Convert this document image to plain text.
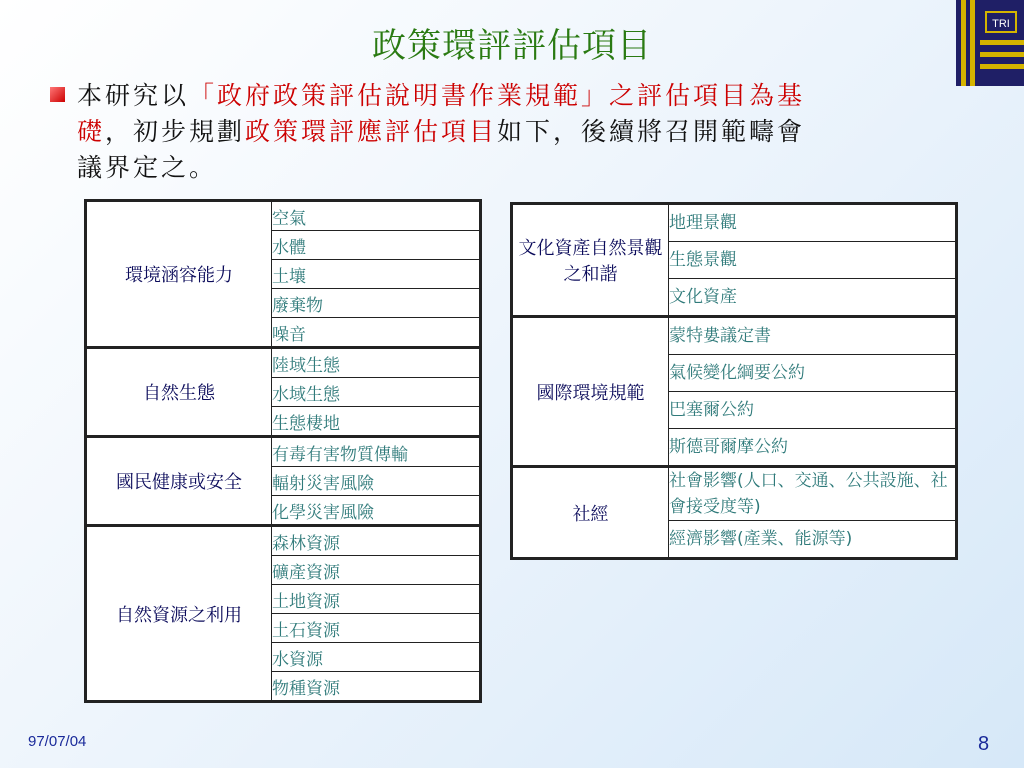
政策環評評估項目
TRI
本研究以「政府政策評估說明書作業規範」之評估項目為基
礎，初步規劃政策環評應評估項目如下，後續將召開範疇會
議界定之。
環境涵容能力	空氣
	水體
	土壤
	廢棄物
	噪音
自然生態	陸域生態
	水域生態
	生態棲地
國民健康或安全	有毒有害物質傳輸
	輻射災害風險
	化學災害風險
自然資源之利用	森林資源
	礦產資源
	土地資源
	土石資源
	水資源
	物種資源
文化資產自然景觀之和諧	地理景觀
	生態景觀
	文化資產
國際環境規範	蒙特婁議定書
	氣候變化綱要公約
	巴塞爾公約
	斯德哥爾摩公約
社經	社會影響(人口、交通、公共設施、社會接受度等)
	經濟影響(產業、能源等)
97/07/04	8
